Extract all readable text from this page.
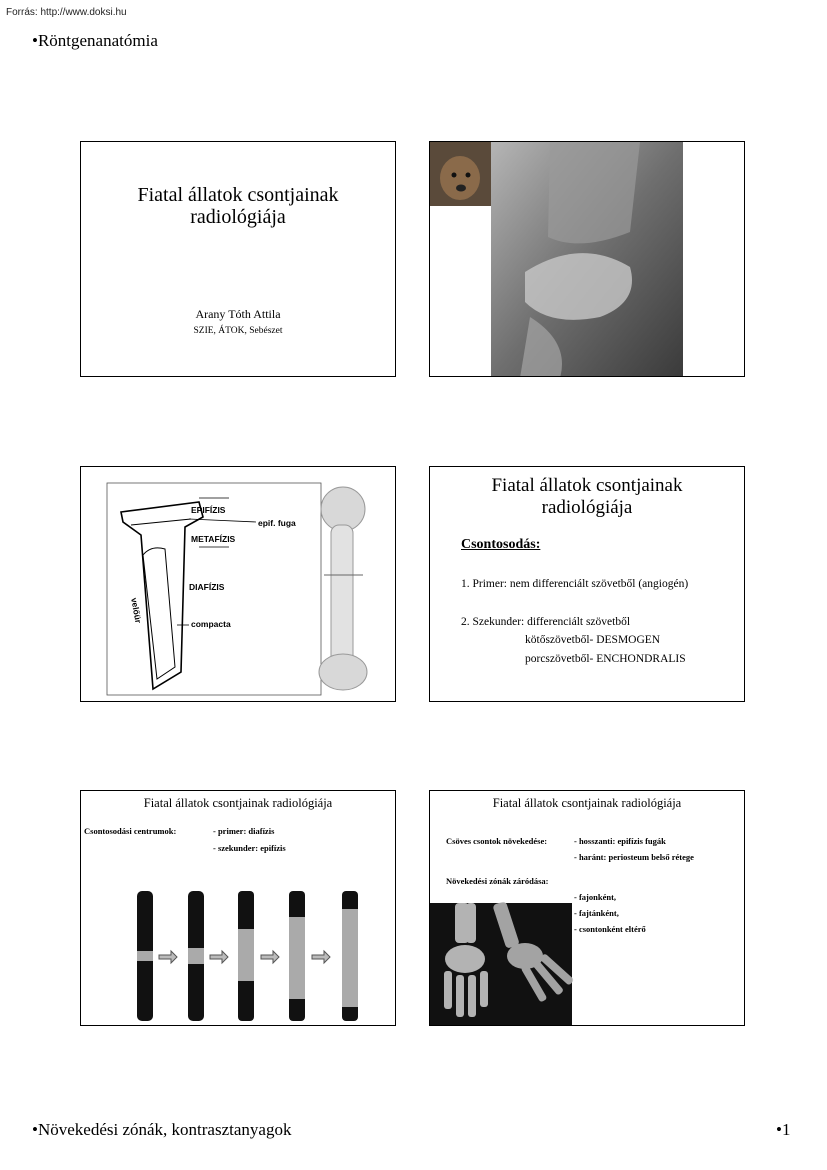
Forrás: http://www.doksi.hu
•Röntgenanatómia
Fiatal állatok csontjainak
radiológiája
Arany Tóth Attila
SZIE, ÁTOK, Sebészet
EPIFÍZIS
epif. fuga
METAFÍZIS
DIAFÍZIS
velőür
compacta
Fiatal állatok csontjainak
radiológiája
Csontosodás:
1. Primer: nem differenciált szövetből (angiogén)
2. Szekunder: differenciált szövetből
kötőszövetből- DESMOGEN
porcszövetből- ENCHONDRALIS
Fiatal állatok csontjainak radiológiája
Csontosodási centrumok:	- primer: diafízis
- szekunder: epifízis
Fiatal állatok csontjainak radiológiája
Csöves csontok növekedése:	- hosszanti: epifízis fugák
- haránt: periosteum belső rétege
Növekedési zónák záródása:
- fajonként,
- fajtánként,
- csontonként eltérő
•Növekedési zónák, kontrasztanyagok	•1
